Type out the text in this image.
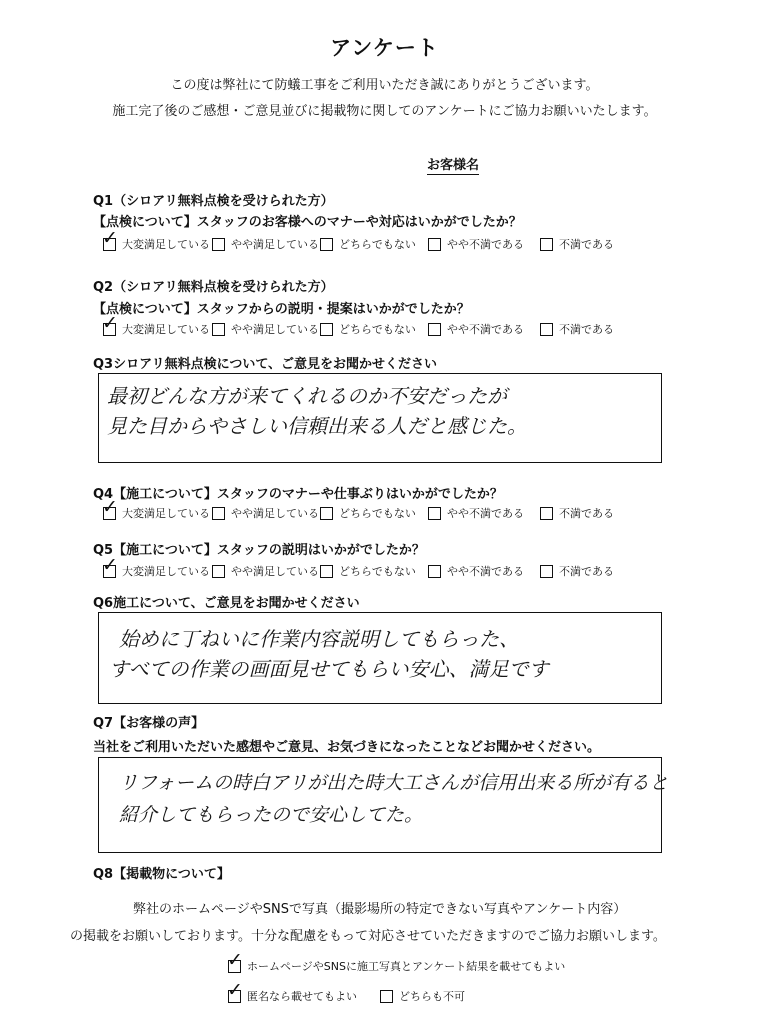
アンケート
この度は弊社にて防蟻工事をご利用いただき誠にありがとうございます。
施工完了後のご感想・ご意見並びに掲載物に関してのアンケートにご協力お願いいたします。
お客様名
Q1（シロアリ無料点検を受けられた方）
【点検について】スタッフのお客様へのマナーや対応はいかがでしたか？
Q2（シロアリ無料点検を受けられた方）
【点検について】スタッフからの説明・提案はいかがでしたか？
Q3シロアリ無料点検について、ご意見をお聞かせください
最初どんな方が来てくれるのか不安だったが
見た目からやさしい信頼出来る人だと感じた。
Q4【施工について】スタッフのマナーや仕事ぶりはいかがでしたか？
Q5【施工について】スタッフの説明はいかがでしたか？
Q6施工について、ご意見をお聞かせください
始めに丁ねいに作業内容説明してもらった、
すべての作業の画面見せてもらい安心、満足です
Q7【お客様の声】
当社をご利用いただいた感想やご意見、お気づきになったことなどお聞かせください。
リフォームの時白アリが出た時大工さんが信用出来る所が有ると
紹介してもらったので安心してた。
Q8【掲載物について】
弊社のホームページやSNSで写真（撮影場所の特定できない写真やアンケート内容）
の掲載をお願いしております。十分な配慮をもって対応させていただきますのでご協力お願いします。
✓ ホームページやSNSに施工写真とアンケート結果を載せてもよい
✓ 匿名なら載せてもよい	どちらも不可
✓ 大変満足している やや満足している どちらでもない	やや不満である	不満である
✓ 大変満足している やや満足している どちらでもない	やや不満である	不満である
✓ 大変満足している やや満足している どちらでもない	やや不満である	不満である
✓ 大変満足している やや満足している どちらでもない	やや不満である	不満である
